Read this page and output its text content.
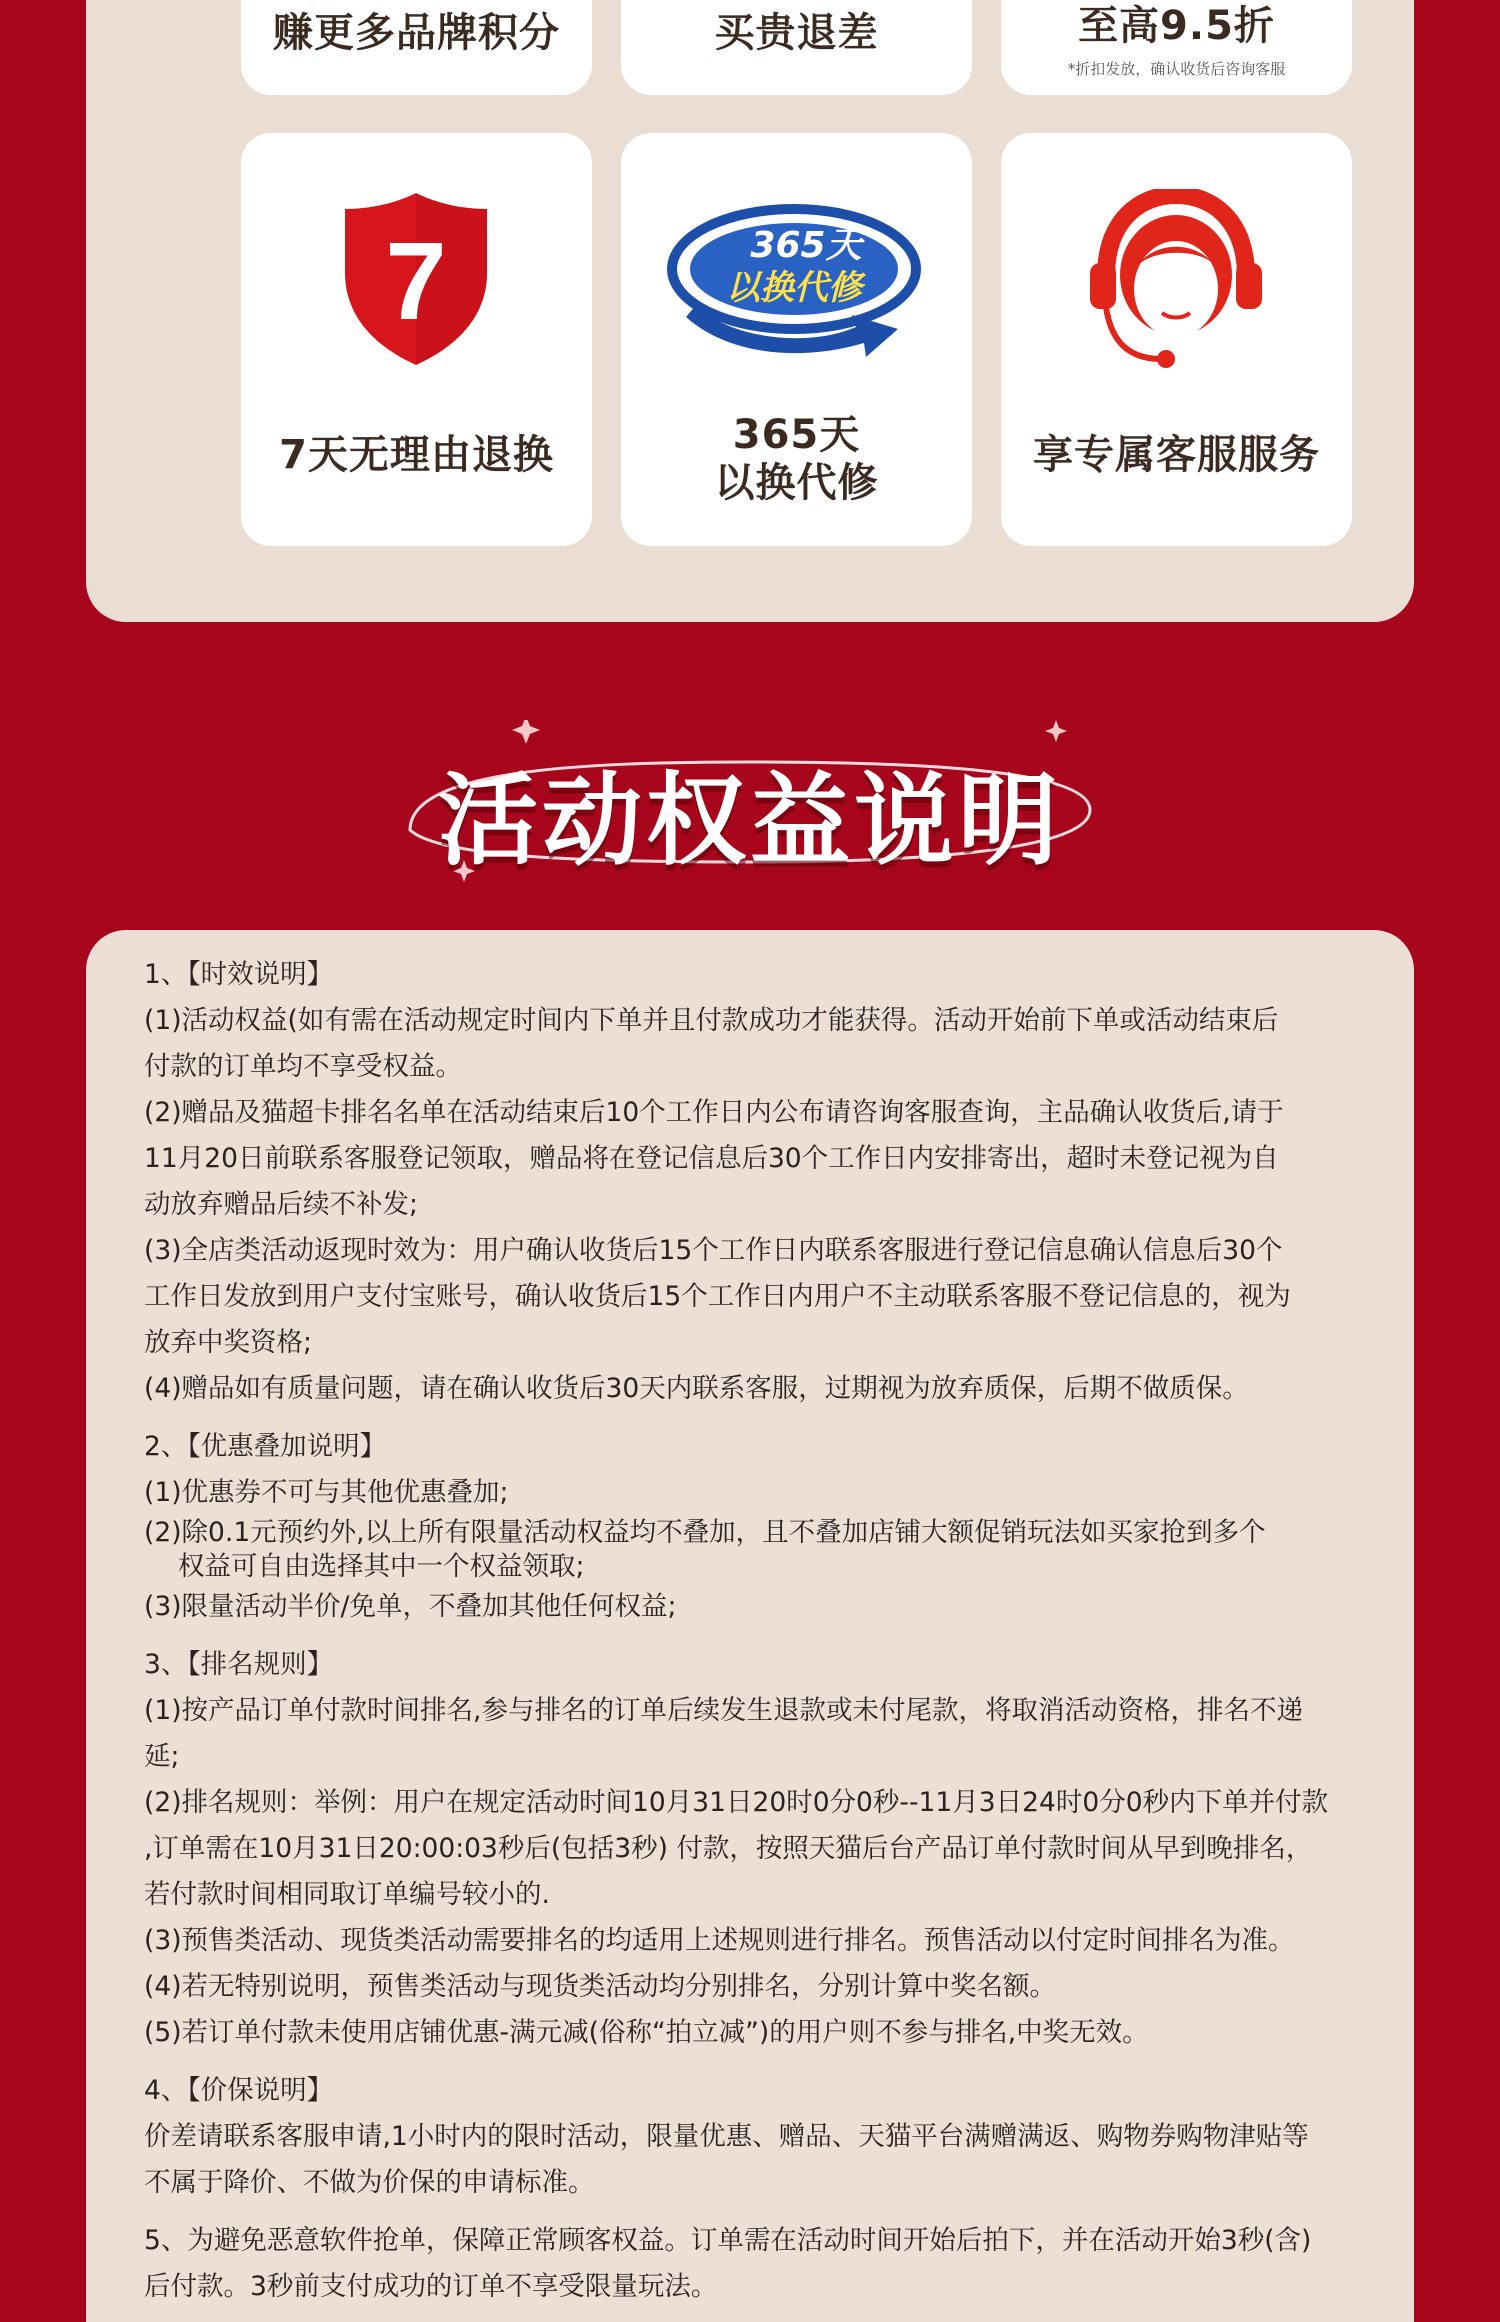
赚更多品牌积分	买贵退差	至高9.5折
*折扣发放，确认收货后咨询客服
7
7天无理由退换
365天
以换代修
365天
以换代修
享专属客服服务
活动权益说明
1、【时效说明】
(1)活动权益(如有需在活动规定时间内下单并且付款成功才能获得。活动开始前下单或活动结束后
付款的订单均不享受权益。
(2)赠品及猫超卡排名名单在活动结束后10个工作日内公布请咨询客服查询，主品确认收货后,请于
11月20日前联系客服登记领取，赠品将在登记信息后30个工作日内安排寄出，超时未登记视为自
动放弃赠品后续不补发;
(3)全店类活动返现时效为：用户确认收货后15个工作日内联系客服进行登记信息确认信息后30个
工作日发放到用户支付宝账号，确认收货后15个工作日内用户不主动联系客服不登记信息的，视为
放弃中奖资格;
(4)赠品如有质量问题，请在确认收货后30天内联系客服，过期视为放弃质保，后期不做质保。
2、【优惠叠加说明】
(1)优惠券不可与其他优惠叠加;
(2)除0.1元预约外,以上所有限量活动权益均不叠加，且不叠加店铺大额促销玩法如买家抢到多个
权益可自由选择其中一个权益领取;
(3)限量活动半价/免单，不叠加其他任何权益;
3、【排名规则】
(1)按产品订单付款时间排名,参与排名的订单后续发生退款或未付尾款，将取消活动资格，排名不递
延;
(2)排名规则：举例：用户在规定活动时间10月31日20时0分0秒--11月3日24时0分0秒内下单并付款
,订单需在10月31日20:00:03秒后(包括3秒) 付款，按照天猫后台产品订单付款时间从早到晚排名，
若付款时间相同取订单编号较小的.
(3)预售类活动、现货类活动需要排名的均适用上述规则进行排名。预售活动以付定时间排名为准。
(4)若无特别说明，预售类活动与现货类活动均分别排名，分别计算中奖名额。
(5)若订单付款未使用店铺优惠-满元减(俗称“拍立减”)的用户则不参与排名,中奖无效。
4、【价保说明】
价差请联系客服申请,1小时内的限时活动，限量优惠、赠品、天猫平台满赠满返、购物券购物津贴等
不属于降价、不做为价保的申请标准。
5、为避免恶意软件抢单，保障正常顾客权益。订单需在活动时间开始后拍下，并在活动开始3秒(含)
后付款。3秒前支付成功的订单不享受限量玩法。
